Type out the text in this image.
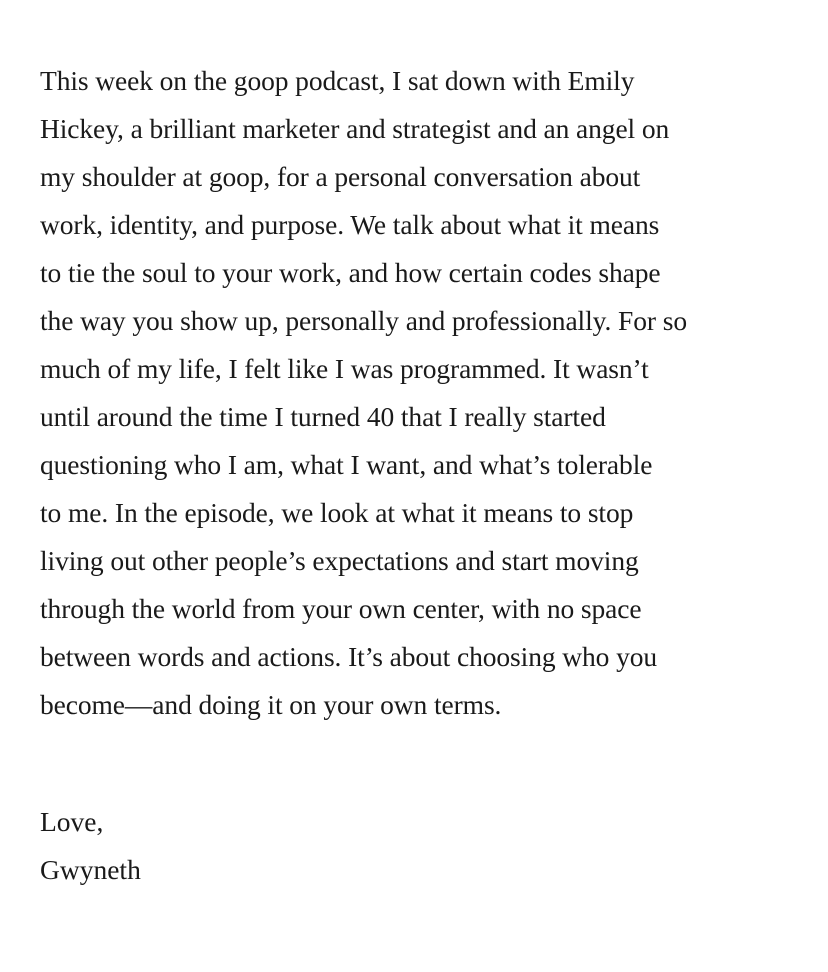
This week on the goop podcast, I sat down with Emily
Hickey, a brilliant marketer and strategist and an angel on
my shoulder at goop, for a personal conversation about
work, identity, and purpose. We talk about what it means
to tie the soul to your work, and how certain codes shape
the way you show up, personally and professionally. For so
much of my life, I felt like I was programmed. It wasn’t
until around the time I turned 40 that I really started
questioning who I am, what I want, and what’s tolerable
to me. In the episode, we look at what it means to stop
living out other people’s expectations and start moving
through the world from your own center, with no space
between words and actions. It’s about choosing who you
become—and doing it on your own terms.

Love,
Gwyneth
